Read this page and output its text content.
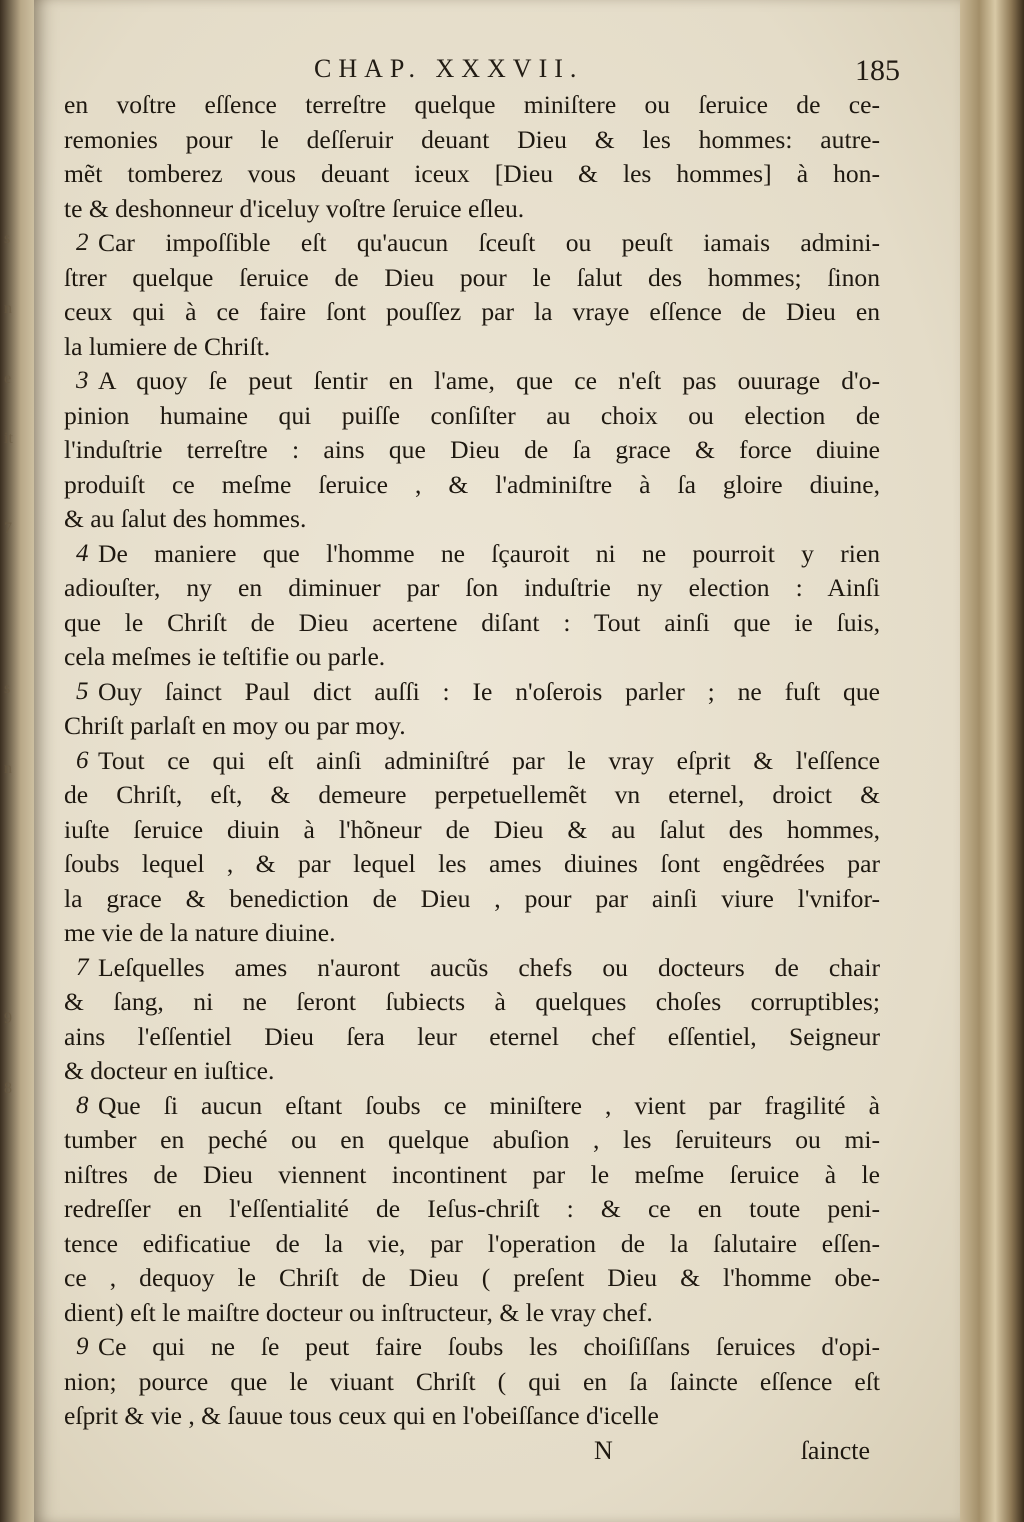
s
n
e
it
7
s
n
9
8
CHAP. XXXVII.	185
en voſtre eſſence terreſtre quelque miniſtere ou ſeruice de ce-
remonies pour le deſſeruir deuant Dieu & les hommes: autre-
mẽt tomberez vous deuant iceux [Dieu & les hommes] à hon-
te & deshonneur d'iceluy voſtre ſeruice eſleu.
2 Car impoſſible eſt qu'aucun ſceuſt ou peuſt iamais admini-
ſtrer quelque ſeruice de Dieu pour le ſalut des hommes; ſinon
ceux qui à ce faire ſont pouſſez par la vraye eſſence de Dieu en
la lumiere de Chriſt.
3 A quoy ſe peut ſentir en l'ame, que ce n'eſt pas ouurage d'o-
pinion humaine qui puiſſe conſiſter au choix ou election de
l'induſtrie terreſtre : ains que Dieu de ſa grace & force diuine
produiſt ce meſme ſeruice , & l'adminiſtre à ſa gloire diuine,
& au ſalut des hommes.
4 De maniere que l'homme ne ſçauroit ni ne pourroit y rien
adiouſter, ny en diminuer par ſon induſtrie ny election : Ainſi
que le Chriſt de Dieu acertene diſant : Tout ainſi que ie ſuis,
cela meſmes ie teſtifie ou parle.
5 Ouy ſainct Paul dict auſſi : Ie n'oſerois parler ; ne fuſt que
Chriſt parlaſt en moy ou par moy.
6 Tout ce qui eſt ainſi adminiſtré par le vray eſprit & l'eſſence
de Chriſt, eſt, & demeure perpetuellemẽt vn eternel, droict &
iuſte ſeruice diuin à l'hõneur de Dieu & au ſalut des hommes,
ſoubs lequel , & par lequel les ames diuines ſont engẽdrées par
la grace & benediction de Dieu , pour par ainſi viure l'vnifor-
me vie de la nature diuine.
7 Leſquelles ames n'auront aucũs chefs ou docteurs de chair
& ſang, ni ne ſeront ſubiects à quelques choſes corruptibles;
ains l'eſſentiel Dieu ſera leur eternel chef eſſentiel, Seigneur
& docteur en iuſtice.
8 Que ſi aucun eſtant ſoubs ce miniſtere , vient par fragilité à
tumber en peché ou en quelque abuſion , les ſeruiteurs ou mi-
niſtres de Dieu viennent incontinent par le meſme ſeruice à le
redreſſer en l'eſſentialité de Ieſus-chriſt : & ce en toute peni-
tence edificatiue de la vie, par l'operation de la ſalutaire eſſen-
ce , dequoy le Chriſt de Dieu ( preſent Dieu & l'homme obe-
dient) eſt le maiſtre docteur ou inſtructeur, & le vray chef.
9 Ce qui ne ſe peut faire ſoubs les choiſiſſans ſeruices d'opi-
nion; pource que le viuant Chriſt ( qui en ſa ſaincte eſſence eſt
eſprit & vie , & ſauue tous ceux qui en l'obeiſſance d'icelle
N	ſaincte
